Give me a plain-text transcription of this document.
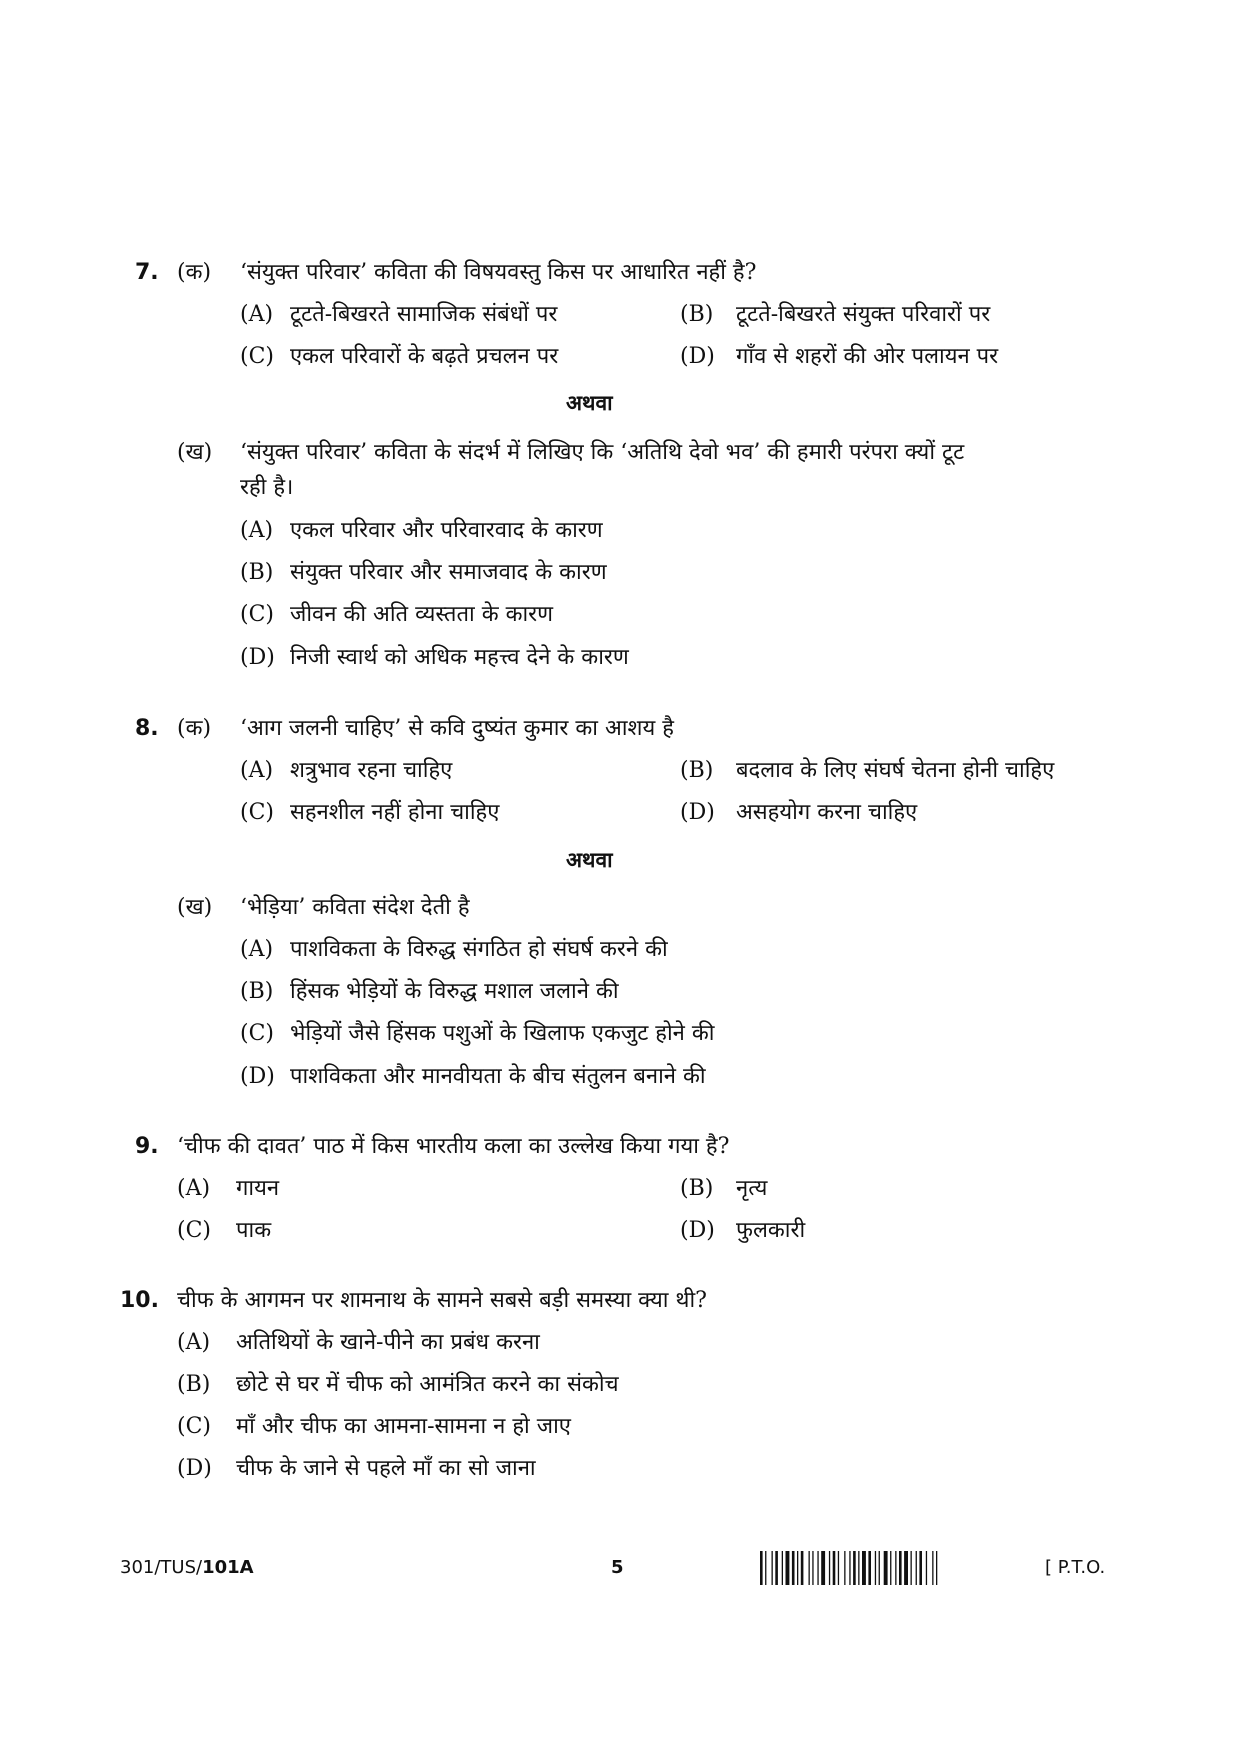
7. (क) ‘संयुक्त परिवार’ कविता की विषयवस्तु किस पर आधारित नहीं है?
(A) टूटते-बिखरते सामाजिक संबंधों पर	(B) टूटते-बिखरते संयुक्त परिवारों पर
(C) एकल परिवारों के बढ़ते प्रचलन पर	(D) गाँव से शहरों की ओर पलायन पर
अथवा
(ख) ‘संयुक्त परिवार’ कविता के संदर्भ में लिखिए कि ‘अतिथि देवो भव’ की हमारी परंपरा क्यों टूट
रही है।
(A) एकल परिवार और परिवारवाद के कारण
(B) संयुक्त परिवार और समाजवाद के कारण
(C) जीवन की अति व्यस्तता के कारण
(D) निजी स्वार्थ को अधिक महत्त्व देने के कारण
8. (क) ‘आग जलनी चाहिए’ से कवि दुष्यंत कुमार का आशय है
(A) शत्रुभाव रहना चाहिए	(B) बदलाव के लिए संघर्ष चेतना होनी चाहिए
(C) सहनशील नहीं होना चाहिए	(D) असहयोग करना चाहिए
अथवा
(ख) ‘भेड़िया’ कविता संदेश देती है
(A) पाशविकता के विरुद्ध संगठित हो संघर्ष करने की
(B) हिंसक भेड़ियों के विरुद्ध मशाल जलाने की
(C) भेड़ियों जैसे हिंसक पशुओं के खिलाफ एकजुट होने की
(D) पाशविकता और मानवीयता के बीच संतुलन बनाने की
9. ‘चीफ की दावत’ पाठ में किस भारतीय कला का उल्लेख किया गया है?
(A) गायन	(B) नृत्य
(C) पाक	(D) फुलकारी
10. चीफ के आगमन पर शामनाथ के सामने सबसे बड़ी समस्या क्या थी?
(A) अतिथियों के खाने-पीने का प्रबंध करना
(B) छोटे से घर में चीफ को आमंत्रित करने का संकोच
(C) माँ और चीफ का आमना-सामना न हो जाए
(D) चीफ के जाने से पहले माँ का सो जाना
301/TUS/101A	5	[ P.T.O.
